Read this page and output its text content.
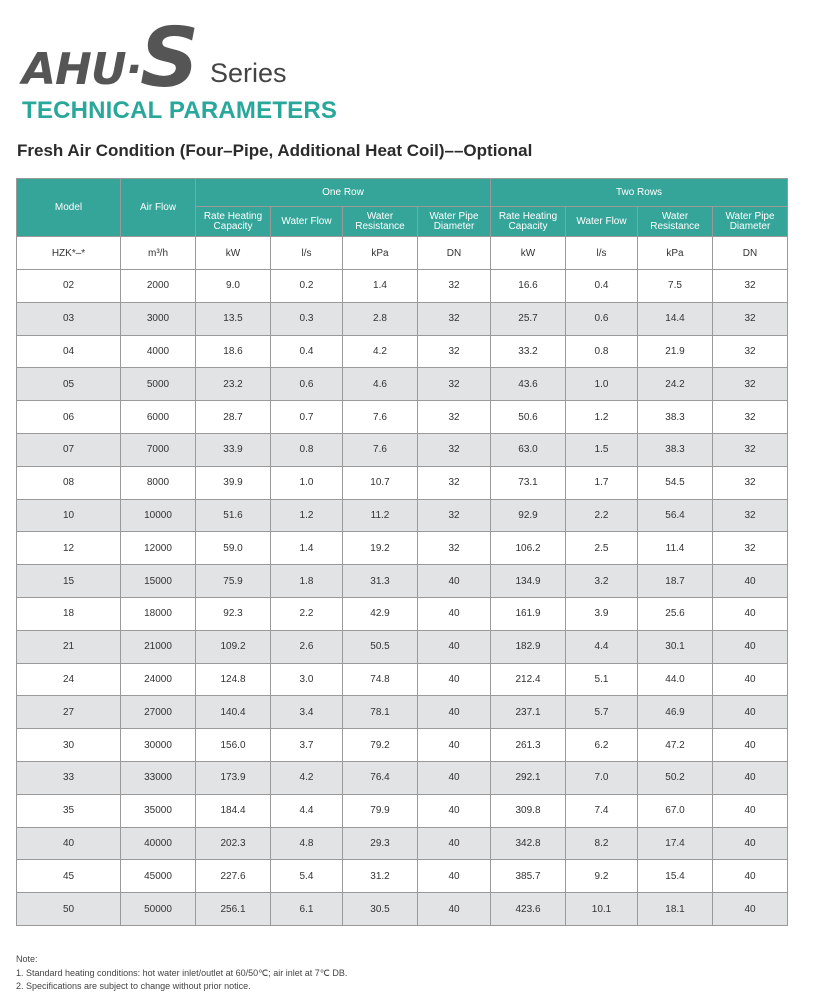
AHU·
S Series
TECHNICAL PARAMETERS
Fresh Air Condition (Four–Pipe, Additional Heat Coil)––Optional
Model	Air Flow	One Row				Two Rows			
		Rate Heating Capacity	Water Flow	Water Resistance	Water Pipe Diameter	Rate Heating Capacity	Water Flow	Water Resistance	Water Pipe Diameter
HZK*–*	m³/h	kW	l/s	kPa	DN	kW	l/s	kPa	DN
02	2000	9.0	0.2	1.4	32	16.6	0.4	7.5	32
03	3000	13.5	0.3	2.8	32	25.7	0.6	14.4	32
04	4000	18.6	0.4	4.2	32	33.2	0.8	21.9	32
05	5000	23.2	0.6	4.6	32	43.6	1.0	24.2	32
06	6000	28.7	0.7	7.6	32	50.6	1.2	38.3	32
07	7000	33.9	0.8	7.6	32	63.0	1.5	38.3	32
08	8000	39.9	1.0	10.7	32	73.1	1.7	54.5	32
10	10000	51.6	1.2	11.2	32	92.9	2.2	56.4	32
12	12000	59.0	1.4	19.2	32	106.2	2.5	11.4	32
15	15000	75.9	1.8	31.3	40	134.9	3.2	18.7	40
18	18000	92.3	2.2	42.9	40	161.9	3.9	25.6	40
21	21000	109.2	2.6	50.5	40	182.9	4.4	30.1	40
24	24000	124.8	3.0	74.8	40	212.4	5.1	44.0	40
27	27000	140.4	3.4	78.1	40	237.1	5.7	46.9	40
30	30000	156.0	3.7	79.2	40	261.3	6.2	47.2	40
33	33000	173.9	4.2	76.4	40	292.1	7.0	50.2	40
35	35000	184.4	4.4	79.9	40	309.8	7.4	67.0	40
40	40000	202.3	4.8	29.3	40	342.8	8.2	17.4	40
45	45000	227.6	5.4	31.2	40	385.7	9.2	15.4	40
50	50000	256.1	6.1	30.5	40	423.6	10.1	18.1	40
Note:
1. Standard heating conditions: hot water inlet/outlet at 60/50℃; air inlet at 7℃ DB.
2. Specifications are subject to change without prior notice.
